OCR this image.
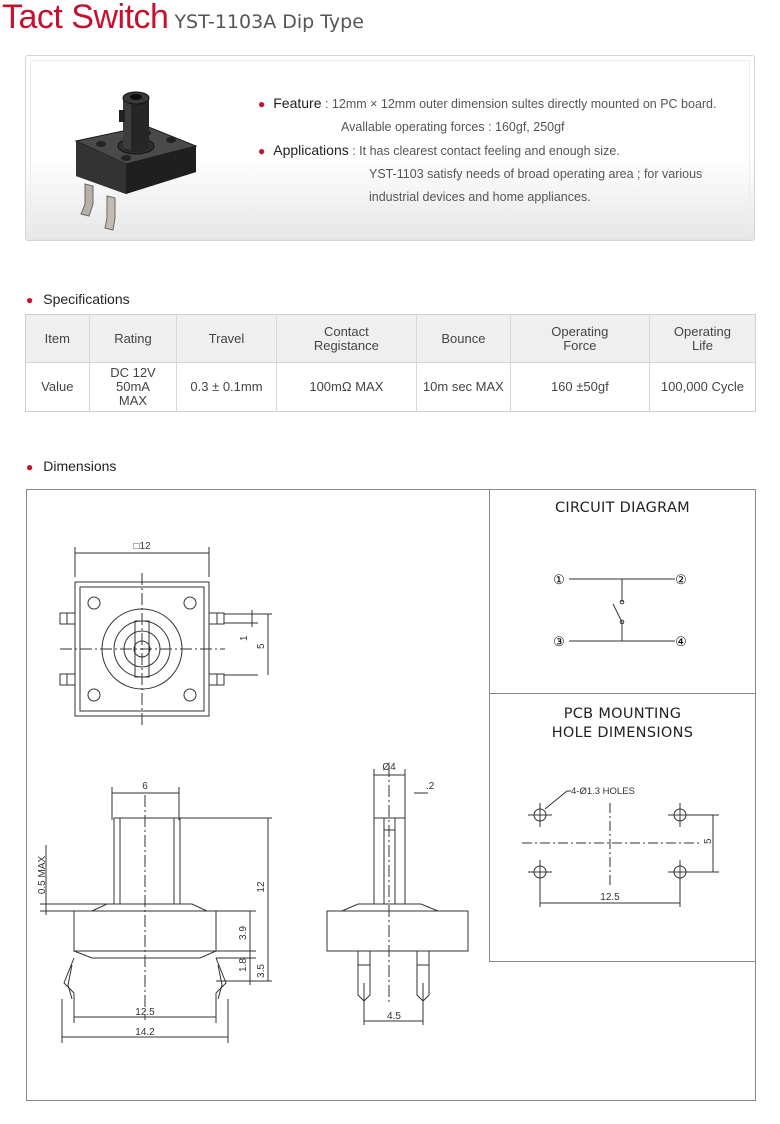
Tact Switch YST-1103A Dip Type
● Feature : 12mm × 12mm outer dimension sultes directly mounted on PC board.
Avallable operating forces : 160gf, 250gf
● Applications : It has clearest contact feeling and enough size.
YST-1103 satisfy needs of broad operating area ; for various
industrial devices and home appliances.
● Specifications
Item	Rating	Travel	Contact Registance	Bounce	Operating Force	Operating Life
Value	DC 12V 50mA MAX	0.3 ± 0.1mm	100mΩ MAX	10m sec MAX	160 ±50gf	100,000 Cycle
● Dimensions
CIRCUIT DIAGRAM
PCB MOUNTING
HOLE DIMENSIONS
①	②
③	④
4-Ø1.3 HOLES
5
12.5
□12
1
5
6
0.5 MAX	12
3.9
1.8 3.5
12.5
14.2
Ø4
.2
4.5
